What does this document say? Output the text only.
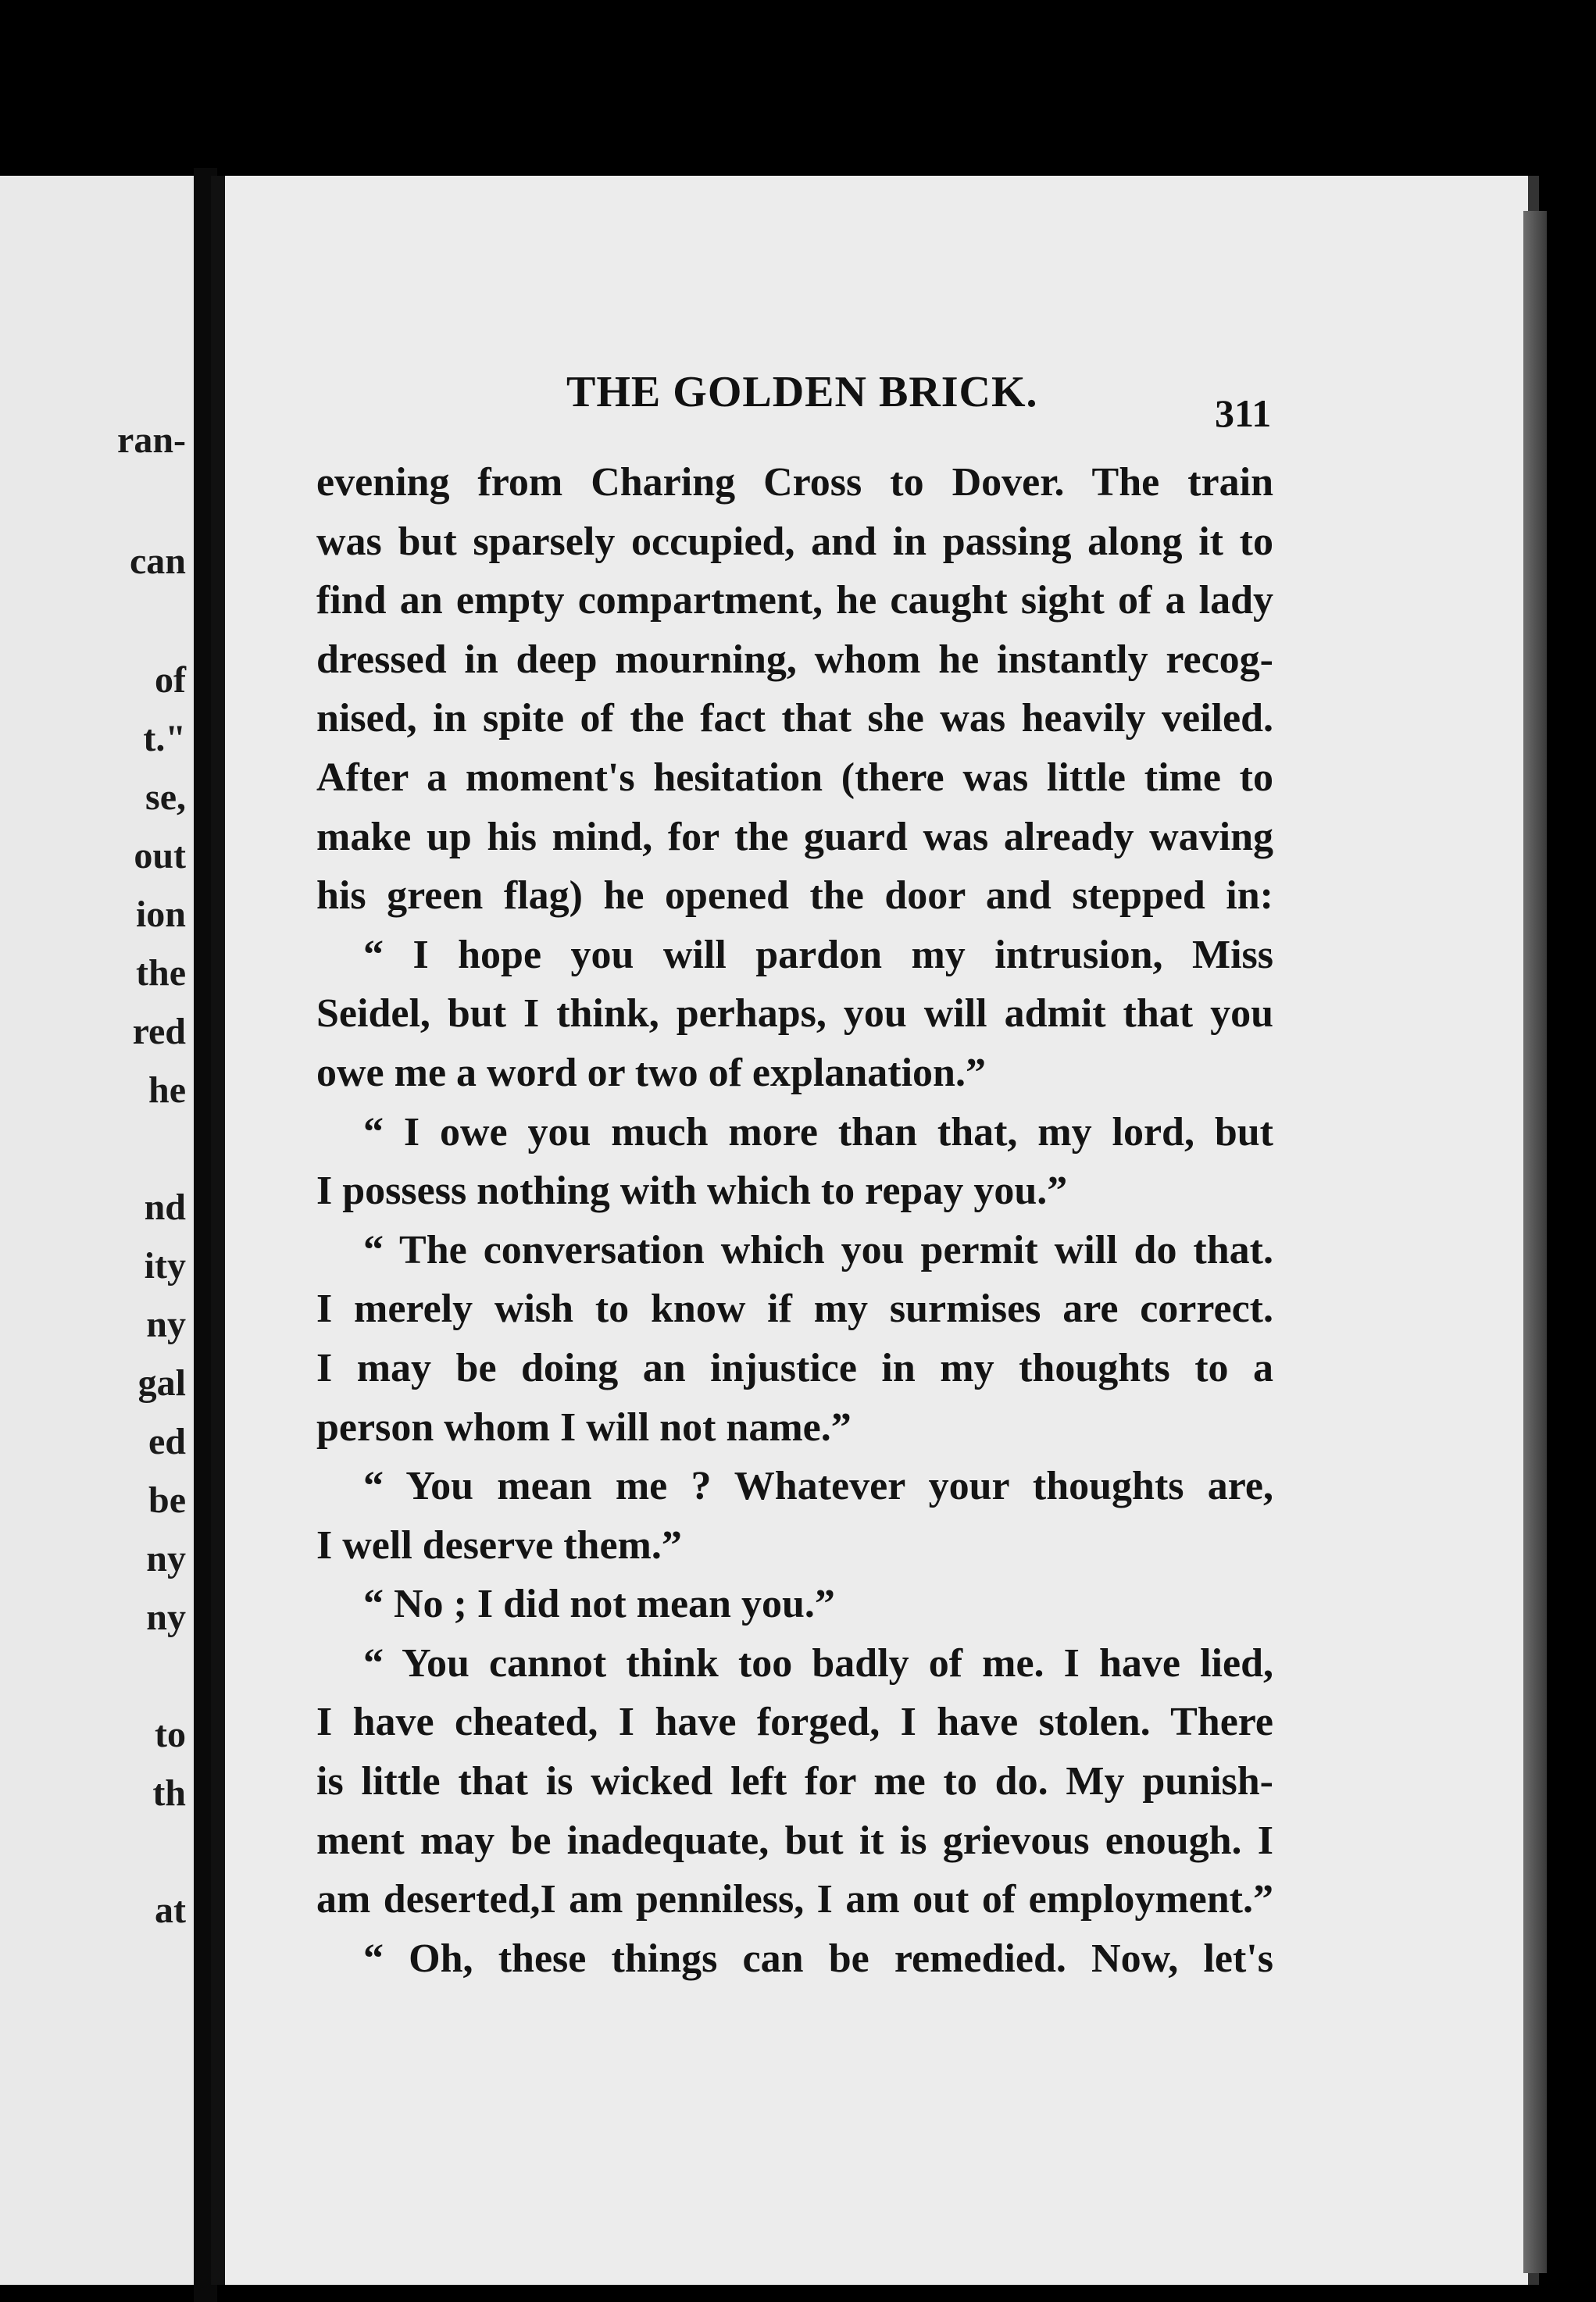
ran-
can
of
t."
se,
out
ion
the
red
he
nd
ity
ny
gal
ed
be
ny
ny
to
th
at
THE GOLDEN BRICK.	311
evening from Charing Cross to Dover. The train
was but sparsely occupied, and in passing along it to
find an empty compartment, he caught sight of a lady
dressed in deep mourning, whom he instantly recog-
nised, in spite of the fact that she was heavily veiled.
After a moment's hesitation (there was little time to
make up his mind, for the guard was already waving
his green flag) he opened the door and stepped in:
“ I hope you will pardon my intrusion, Miss
Seidel, but I think, perhaps, you will admit that you
owe me a word or two of explanation.”
“ I owe you much more than that, my lord, but
I possess nothing with which to repay you.”
“ The conversation which you permit will do that.
I merely wish to know if my surmises are correct.
I may be doing an injustice in my thoughts to a
person whom I will not name.”
“ You mean me ? Whatever your thoughts are,
I well deserve them.”
“ No ; I did not mean you.”
“ You cannot think too badly of me. I have lied,
I have cheated, I have forged, I have stolen. There
is little that is wicked left for me to do. My punish-
ment may be inadequate, but it is grievous enough. I
am deserted,I am penniless, I am out of employment.”
“ Oh, these things can be remedied. Now, let's
